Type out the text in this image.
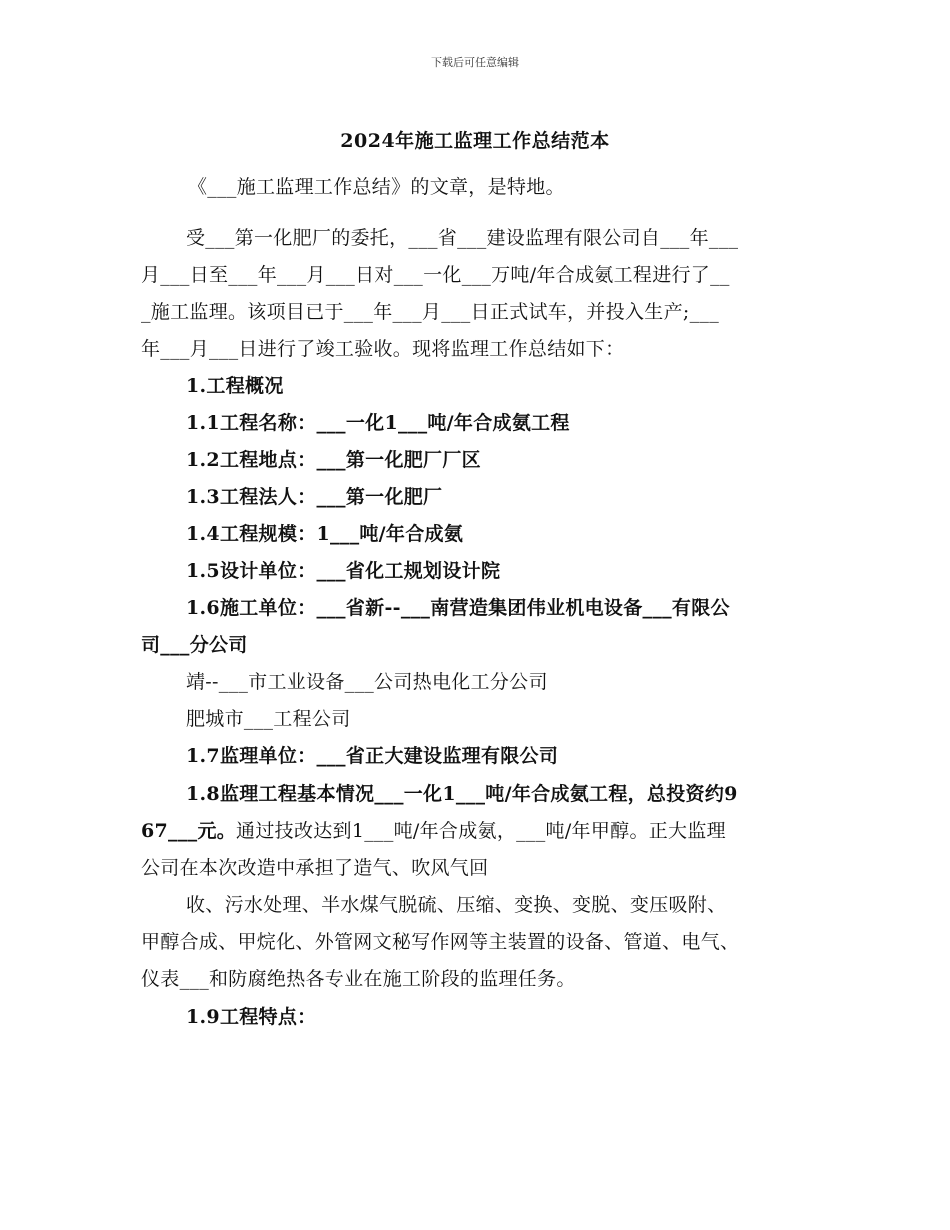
下载后可任意编辑
2024年施工监理工作总结范本
《___施工监理工作总结》的文章，是特地。
受___第一化肥厂的委托，___省___建设监理有限公司自___年___
月___日至___年___月___日对___一化___万吨/年合成氨工程进行了__
_施工监理。该项目已于___年___月___日正式试车，并投入生产;___
年___月___日进行了竣工验收。现将监理工作总结如下：
1.工程概况
1.1工程名称：___一化1___吨/年合成氨工程
1.2工程地点：___第一化肥厂厂区
1.3工程法人：___第一化肥厂
1.4工程规模：1___吨/年合成氨
1.5设计单位：___省化工规划设计院
1.6施工单位：___省新--___南营造集团伟业机电设备___有限公
司___分公司
靖--___市工业设备___公司热电化工分公司
肥城市___工程公司
1.7监理单位：___省正大建设监理有限公司
1.8监理工程基本情况___一化1___吨/年合成氨工程，总投资约9
67___元。通过技改达到1___吨/年合成氨，___吨/年甲醇。正大监理
公司在本次改造中承担了造气、吹风气回
收、污水处理、半水煤气脱硫、压缩、变换、变脱、变压吸附、
甲醇合成、甲烷化、外管网文秘写作网等主装置的设备、管道、电气、
仪表___和防腐绝热各专业在施工阶段的监理任务。
1.9工程特点：
